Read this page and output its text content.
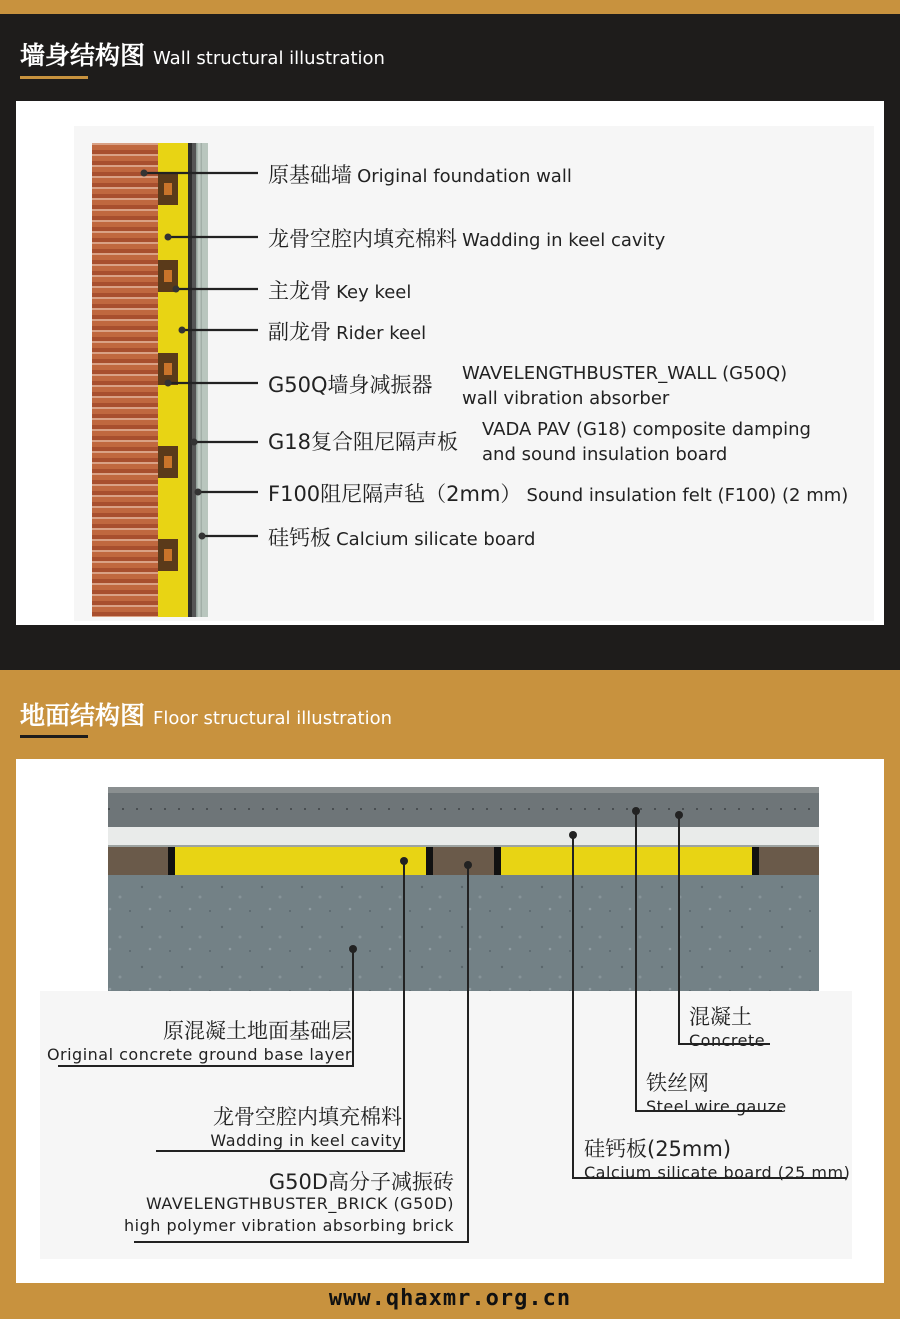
墙身结构图 Wall structural illustration
原基础墙 Original foundation wall
龙骨空腔内填充棉料 Wadding in keel cavity
主龙骨 Key keel
副龙骨 Rider keel
G50Q墙身减振器 WAVELENGTHBUSTER_WALL (G50Q)
wall vibration absorber
G18复合阻尼隔声板
VADA PAV (G18) composite damping
and sound insulation board
F100阻尼隔声毡（2mm） Sound insulation felt (F100) (2 mm)
硅钙板 Calcium silicate board
地面结构图 Floor structural illustration
原混凝土地面基础层
Original concrete ground base layer
龙骨空腔内填充棉料
Wadding in keel cavity
G50D高分子减振砖
WAVELENGTHBUSTER_BRICK (G50D)
high polymer vibration absorbing brick
硅钙板(25mm)
Calcium silicate board (25 mm)
铁丝网
Steel wire gauze
混凝土
Concrete
www.qhaxmr.org.cn
